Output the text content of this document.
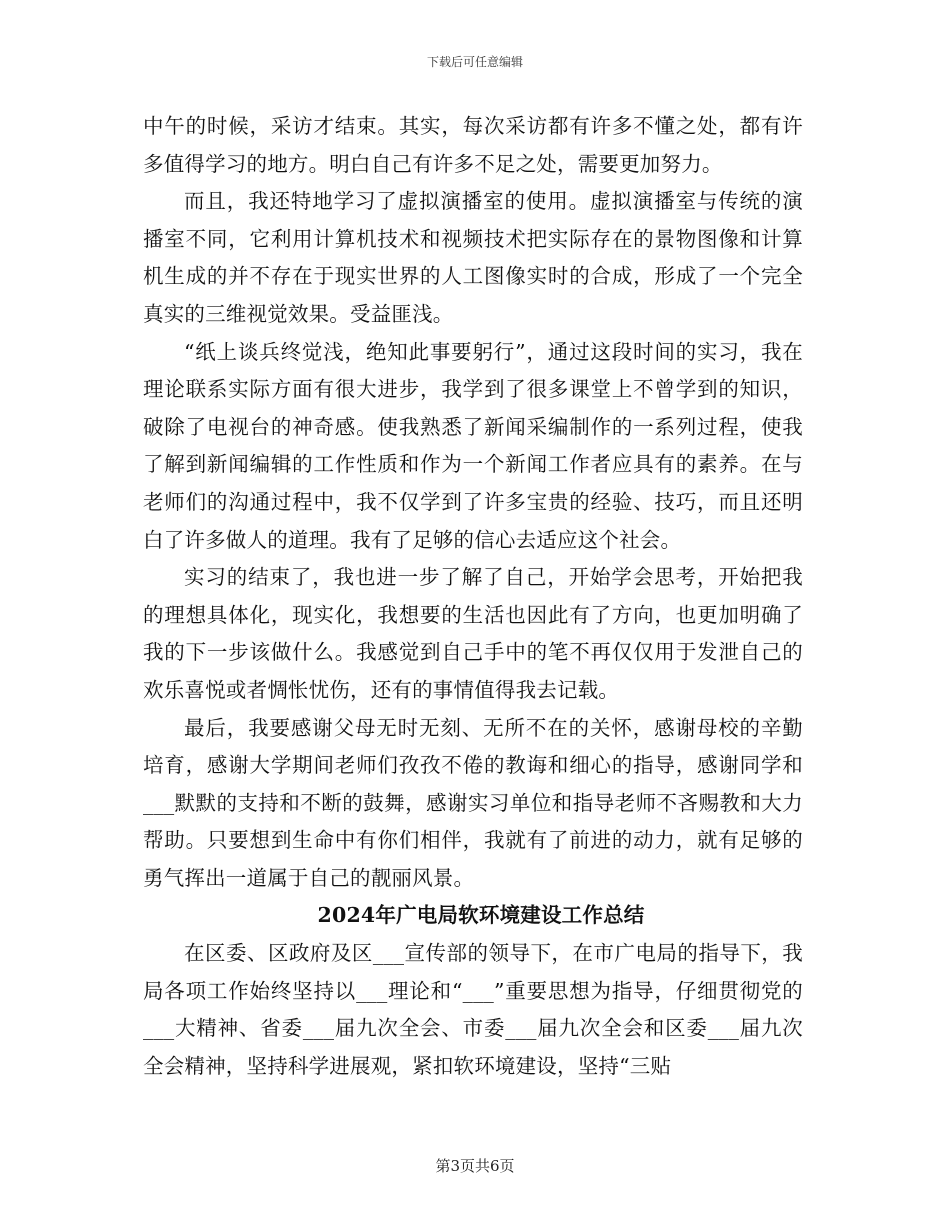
下载后可任意编辑

中午的时候，采访才结束。其实，每次采访都有许多不懂之处，都有许多值得学习的地方。明白自己有许多不足之处，需要更加努力。

而且，我还特地学习了虚拟演播室的使用。虚拟演播室与传统的演播室不同，它利用计算机技术和视频技术把实际存在的景物图像和计算机生成的并不存在于现实世界的人工图像实时的合成，形成了一个完全真实的三维视觉效果。受益匪浅。

“纸上谈兵终觉浅，绝知此事要躬行”，通过这段时间的实习，我在理论联系实际方面有很大进步，我学到了很多课堂上不曾学到的知识，破除了电视台的神奇感。使我熟悉了新闻采编制作的一系列过程，使我了解到新闻编辑的工作性质和作为一个新闻工作者应具有的素养。在与老师们的沟通过程中，我不仅学到了许多宝贵的经验、技巧，而且还明白了许多做人的道理。我有了足够的信心去适应这个社会。

实习的结束了，我也进一步了解了自己，开始学会思考，开始把我的理想具体化，现实化，我想要的生活也因此有了方向，也更加明确了我的下一步该做什么。我感觉到自己手中的笔不再仅仅用于发泄自己的欢乐喜悦或者惆怅忧伤，还有的事情值得我去记载。

最后，我要感谢父母无时无刻、无所不在的关怀，感谢母校的辛勤培育，感谢大学期间老师们孜孜不倦的教诲和细心的指导，感谢同学和___默默的支持和不断的鼓舞，感谢实习单位和指导老师不吝赐教和大力帮助。只要想到生命中有你们相伴，我就有了前进的动力，就有足够的勇气挥出一道属于自己的靓丽风景。

2024年广电局软环境建设工作总结

在区委、区政府及区___宣传部的领导下，在市广电局的指导下，我局各项工作始终坚持以___理论和“___”重要思想为指导，仔细贯彻党的___大精神、省委___届九次全会、市委___届九次全会和区委___届九次全会精神，坚持科学进展观，紧扣软环境建设，坚持“三贴

第3页共6页
